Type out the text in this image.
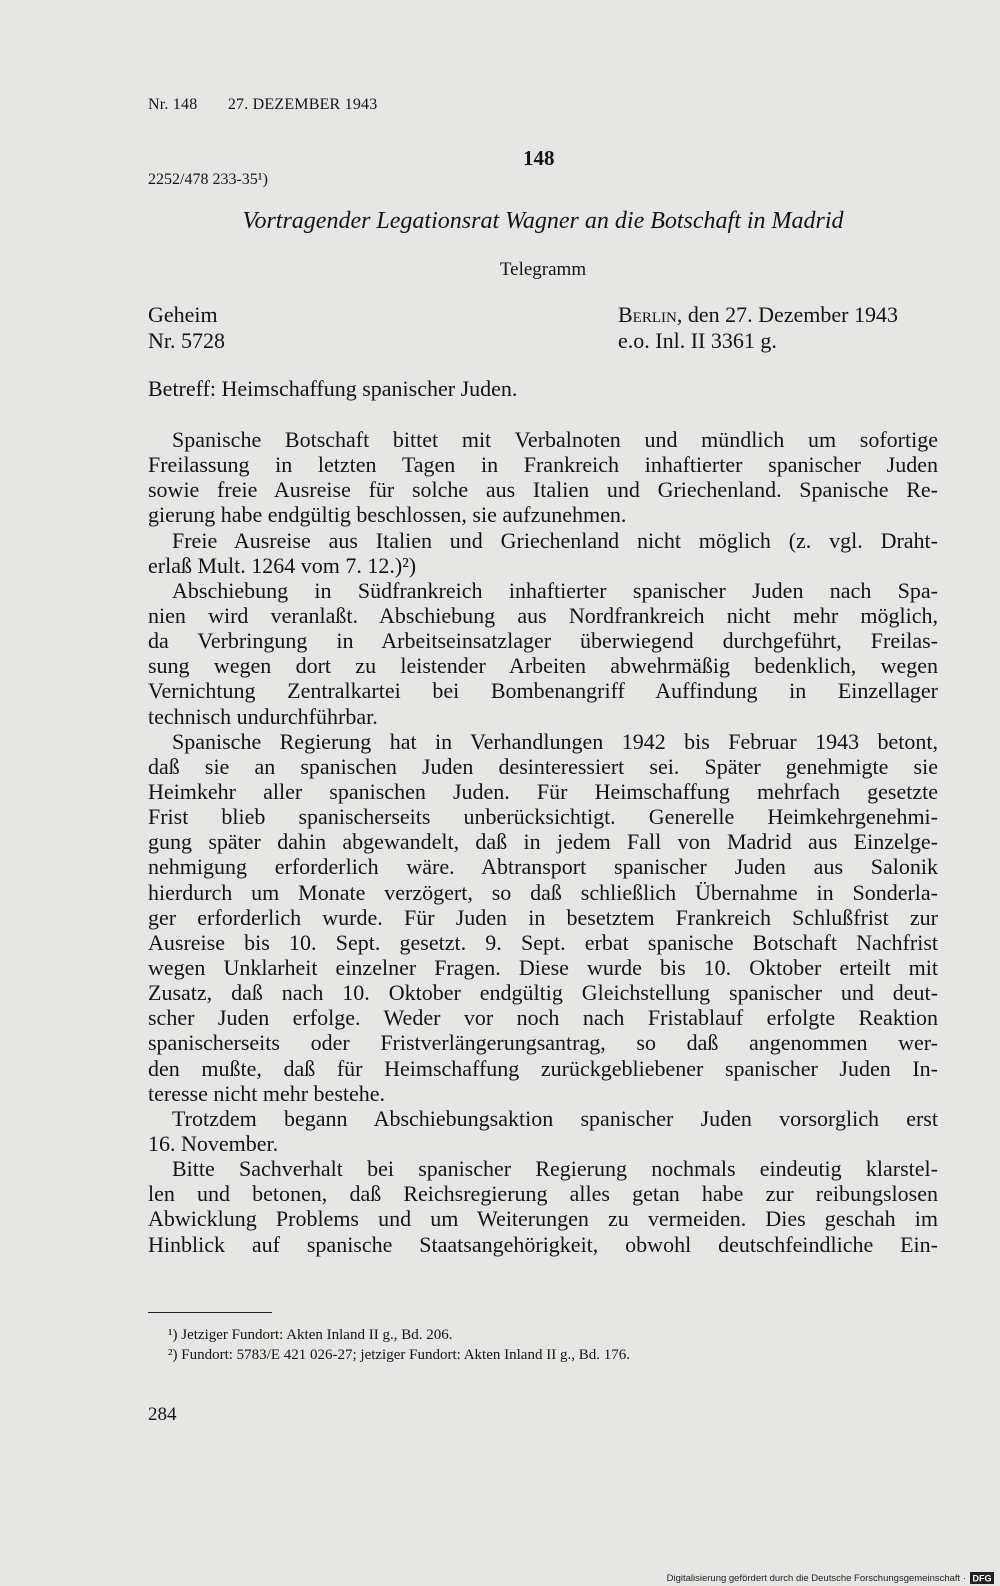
Nr. 148 27. DEZEMBER 1943
148
2252/478 233-35¹)
Vortragender Legationsrat Wagner an die Botschaft in Madrid
Telegramm
Geheim
Nr. 5728
Berlin, den 27. Dezember 1943
e.o. Inl. II 3361 g.
Betreff: Heimschaffung spanischer Juden.
Spanische Botschaft bittet mit Verbalnoten und mündlich um sofortige
Freilassung in letzten Tagen in Frankreich inhaftierter spanischer Juden
sowie freie Ausreise für solche aus Italien und Griechenland. Spanische Re-
gierung habe endgültig beschlossen, sie aufzunehmen.
Freie Ausreise aus Italien und Griechenland nicht möglich (z. vgl. Draht-
erlaß Mult. 1264 vom 7. 12.)²)
Abschiebung in Südfrankreich inhaftierter spanischer Juden nach Spa-
nien wird veranlaßt. Abschiebung aus Nordfrankreich nicht mehr möglich,
da Verbringung in Arbeitseinsatzlager überwiegend durchgeführt, Freilas-
sung wegen dort zu leistender Arbeiten abwehrmäßig bedenklich, wegen
Vernichtung Zentralkartei bei Bombenangriff Auffindung in Einzellager
technisch undurchführbar.
Spanische Regierung hat in Verhandlungen 1942 bis Februar 1943 betont,
daß sie an spanischen Juden desinteressiert sei. Später genehmigte sie
Heimkehr aller spanischen Juden. Für Heimschaffung mehrfach gesetzte
Frist blieb spanischerseits unberücksichtigt. Generelle Heimkehrgenehmi-
gung später dahin abgewandelt, daß in jedem Fall von Madrid aus Einzelge-
nehmigung erforderlich wäre. Abtransport spanischer Juden aus Salonik
hierdurch um Monate verzögert, so daß schließlich Übernahme in Sonderla-
ger erforderlich wurde. Für Juden in besetztem Frankreich Schlußfrist zur
Ausreise bis 10. Sept. gesetzt. 9. Sept. erbat spanische Botschaft Nachfrist
wegen Unklarheit einzelner Fragen. Diese wurde bis 10. Oktober erteilt mit
Zusatz, daß nach 10. Oktober endgültig Gleichstellung spanischer und deut-
scher Juden erfolge. Weder vor noch nach Fristablauf erfolgte Reaktion
spanischerseits oder Fristverlängerungsantrag, so daß angenommen wer-
den mußte, daß für Heimschaffung zurückgebliebener spanischer Juden In-
teresse nicht mehr bestehe.
Trotzdem begann Abschiebungsaktion spanischer Juden vorsorglich erst
16. November.
Bitte Sachverhalt bei spanischer Regierung nochmals eindeutig klarstel-
len und betonen, daß Reichsregierung alles getan habe zur reibungslosen
Abwicklung Problems und um Weiterungen zu vermeiden. Dies geschah im
Hinblick auf spanische Staatsangehörigkeit, obwohl deutschfeindliche Ein-
¹) Jetziger Fundort: Akten Inland II g., Bd. 206.
²) Fundort: 5783/E 421 026-27; jetziger Fundort: Akten Inland II g., Bd. 176.
284
Digitalisierung gefördert durch die Deutsche Forschungsgemeinschaft · DFG
